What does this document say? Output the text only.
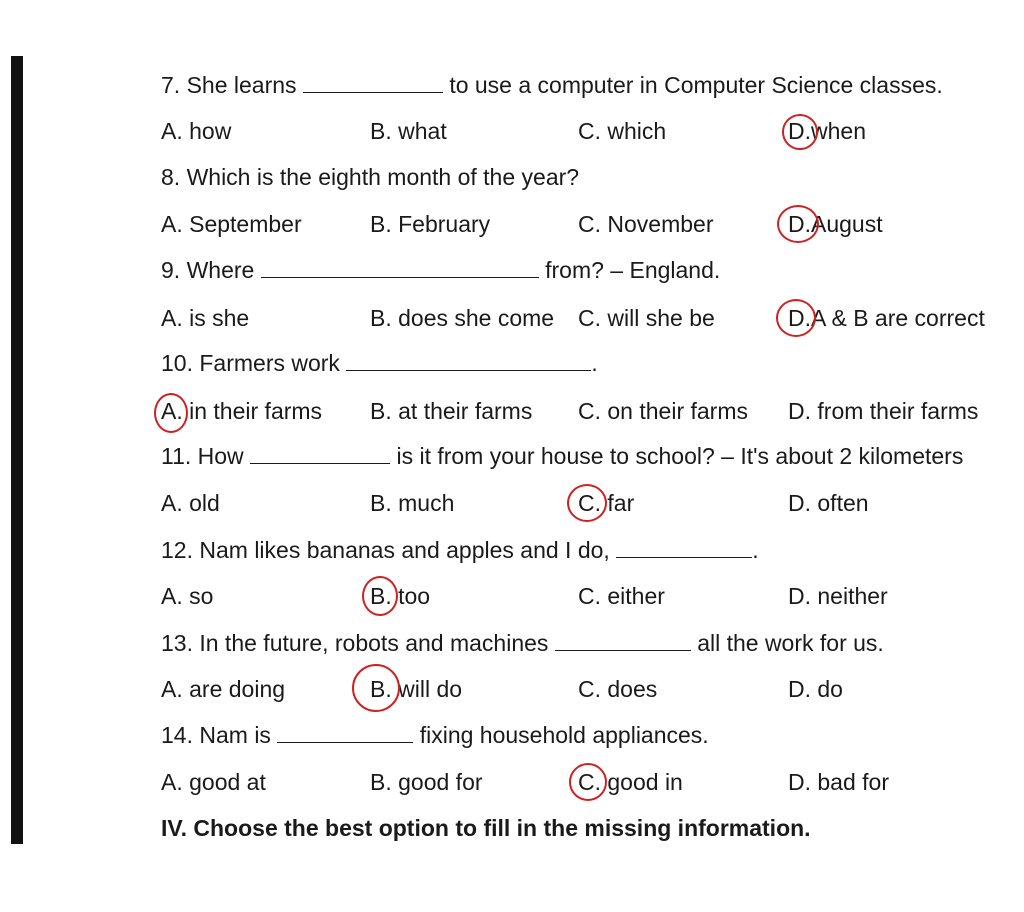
7. She learns	to use a computer in Computer Science classes.
A. how	B. what	C. which	D.when
8. Which is the eighth month of the year?
A. September	B. February	C. November	D.August
9. Where	from? – England.
A. is she	B. does she come C. will she be	D.A & B are correct
10. Farmers work	.
A. in their farms B. at their farms C. on their farms D. from their farms
11. How	is it from your house to school? – It's about 2 kilometers
A. old	B. much	C. far	D. often
12. Nam likes bananas and apples and I do,	.
A. so	B. too	C. either	D. neither
13. In the future, robots and machines	all the work for us.
A. are doing	B. will do	C. does	D. do
14. Nam is	fixing household appliances.
A. good at	B. good for	C. good in	D. bad for
IV. Choose the best option to fill in the missing information.
